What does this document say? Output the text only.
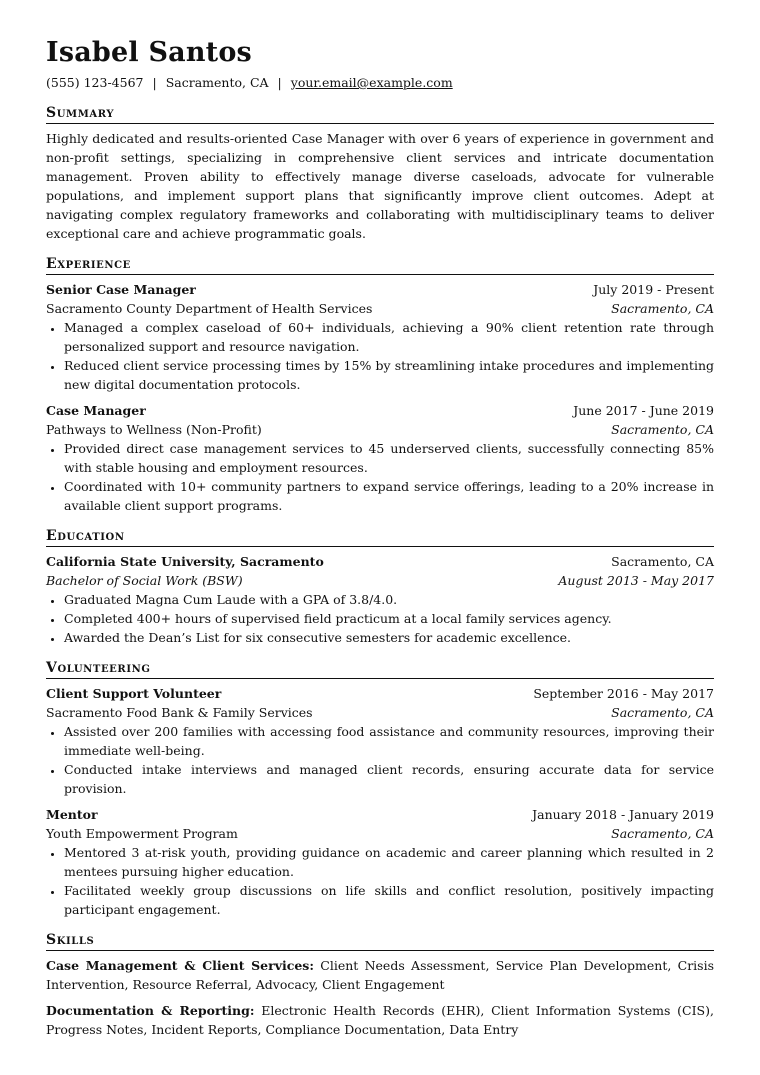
Isabel Santos
(555) 123-4567 | Sacramento, CA | your.email@example.com
Summary

Highly dedicated and results-oriented Case Manager with over 6 years of experience in government and non-profit settings, specializing in comprehensive client services and intricate documentation management. Proven ability to effectively manage diverse caseloads, advocate for vulnerable populations, and implement support plans that significantly improve client outcomes. Adept at navigating complex regulatory frameworks and collaborating with multidisciplinary teams to deliver exceptional care and achieve programmatic goals.

Experience
Senior Case Manager	July 2019 - Present
Sacramento County Department of Health Services	Sacramento, CA
• Managed a complex caseload of 60+ individuals, achieving a 90% client retention rate through personalized support and resource navigation.
• Reduced client service processing times by 15% by streamlining intake procedures and implementing new digital documentation protocols.
Case Manager	June 2017 - June 2019
Pathways to Wellness (Non-Profit)	Sacramento, CA
• Provided direct case management services to 45 underserved clients, successfully connecting 85% with stable housing and employment resources.
• Coordinated with 10+ community partners to expand service offerings, leading to a 20% increase in available client support programs.
Education
California State University, Sacramento	Sacramento, CA
Bachelor of Social Work (BSW)	August 2013 - May 2017
• Graduated Magna Cum Laude with a GPA of 3.8/4.0.
• Completed 400+ hours of supervised field practicum at a local family services agency.
• Awarded the Dean’s List for six consecutive semesters for academic excellence.
Volunteering
Client Support Volunteer	September 2016 - May 2017
Sacramento Food Bank & Family Services	Sacramento, CA
• Assisted over 200 families with accessing food assistance and community resources, improving their immediate well-being.
• Conducted intake interviews and managed client records, ensuring accurate data for service provision.
Mentor	January 2018 - January 2019
Youth Empowerment Program	Sacramento, CA
• Mentored 3 at-risk youth, providing guidance on academic and career planning which resulted in 2 mentees pursuing higher education.
• Facilitated weekly group discussions on life skills and conflict resolution, positively impacting participant engagement.
Skills

Case Management & Client Services: Client Needs Assessment, Service Plan Development, Crisis Intervention, Resource Referral, Advocacy, Client Engagement

Documentation & Reporting: Electronic Health Records (EHR), Client Information Systems (CIS), Progress Notes, Incident Reports, Compliance Documentation, Data Entry
